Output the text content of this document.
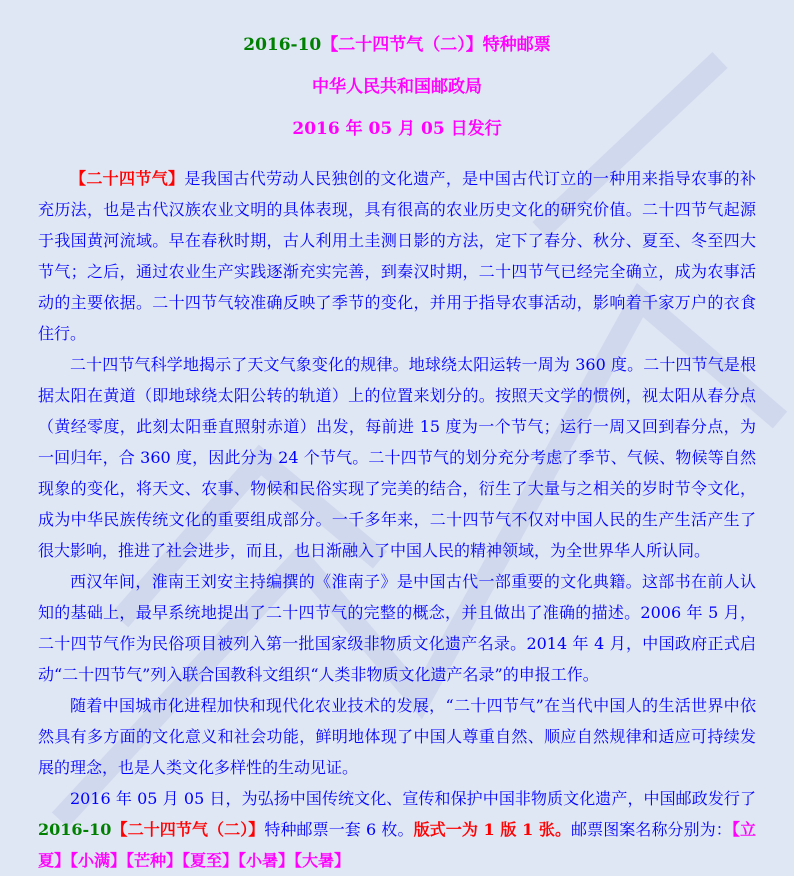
2016-10【二十四节气（二）】特种邮票
中华人民共和国邮政局
2016 年 05 月 05 日发行

【二十四节气】是我国古代劳动人民独创的文化遗产，是中国古代订立的一种用来指导农事的补充历法，也是古代汉族农业文明的具体表现，具有很高的农业历史文化的研究价值。二十四节气起源于我国黄河流域。早在春秋时期，古人利用土圭测日影的方法，定下了春分、秋分、夏至、冬至四大节气；之后，通过农业生产实践逐渐充实完善，到秦汉时期，二十四节气已经完全确立，成为农事活动的主要依据。二十四节气较准确反映了季节的变化，并用于指导农事活动，影响着千家万户的衣食住行。

二十四节气科学地揭示了天文气象变化的规律。地球绕太阳运转一周为 360 度。二十四节气是根据太阳在黄道（即地球绕太阳公转的轨道）上的位置来划分的。按照天文学的惯例，视太阳从春分点（黄经零度，此刻太阳垂直照射赤道）出发，每前进 15 度为一个节气；运行一周又回到春分点，为一回归年，合 360 度，因此分为 24 个节气。二十四节气的划分充分考虑了季节、气候、物候等自然现象的变化，将天文、农事、物候和民俗实现了完美的结合，衍生了大量与之相关的岁时节令文化，成为中华民族传统文化的重要组成部分。一千多年来，二十四节气不仅对中国人民的生产生活产生了很大影响，推进了社会进步，而且，也日渐融入了中国人民的精神领域，为全世界华人所认同。

西汉年间，淮南王刘安主持编撰的《淮南子》是中国古代一部重要的文化典籍。这部书在前人认知的基础上，最早系统地提出了二十四节气的完整的概念，并且做出了准确的描述。2006 年 5 月，二十四节气作为民俗项目被列入第一批国家级非物质文化遗产名录。2014 年 4 月，中国政府正式启动“二十四节气”列入联合国教科文组织“人类非物质文化遗产名录”的申报工作。

随着中国城市化进程加快和现代化农业技术的发展，“二十四节气”在当代中国人的生活世界中依然具有多方面的文化意义和社会功能，鲜明地体现了中国人尊重自然、顺应自然规律和适应可持续发展的理念，也是人类文化多样性的生动见证。

2016 年 05 月 05 日，为弘扬中国传统文化、宣传和保护中国非物质文化遗产，中国邮政发行了 2016-10【二十四节气（二）】特种邮票一套 6 枚。版式一为 1 版 1 张。邮票图案名称分别为：【立夏】【小满】【芒种】【夏至】【小暑】【大暑】
